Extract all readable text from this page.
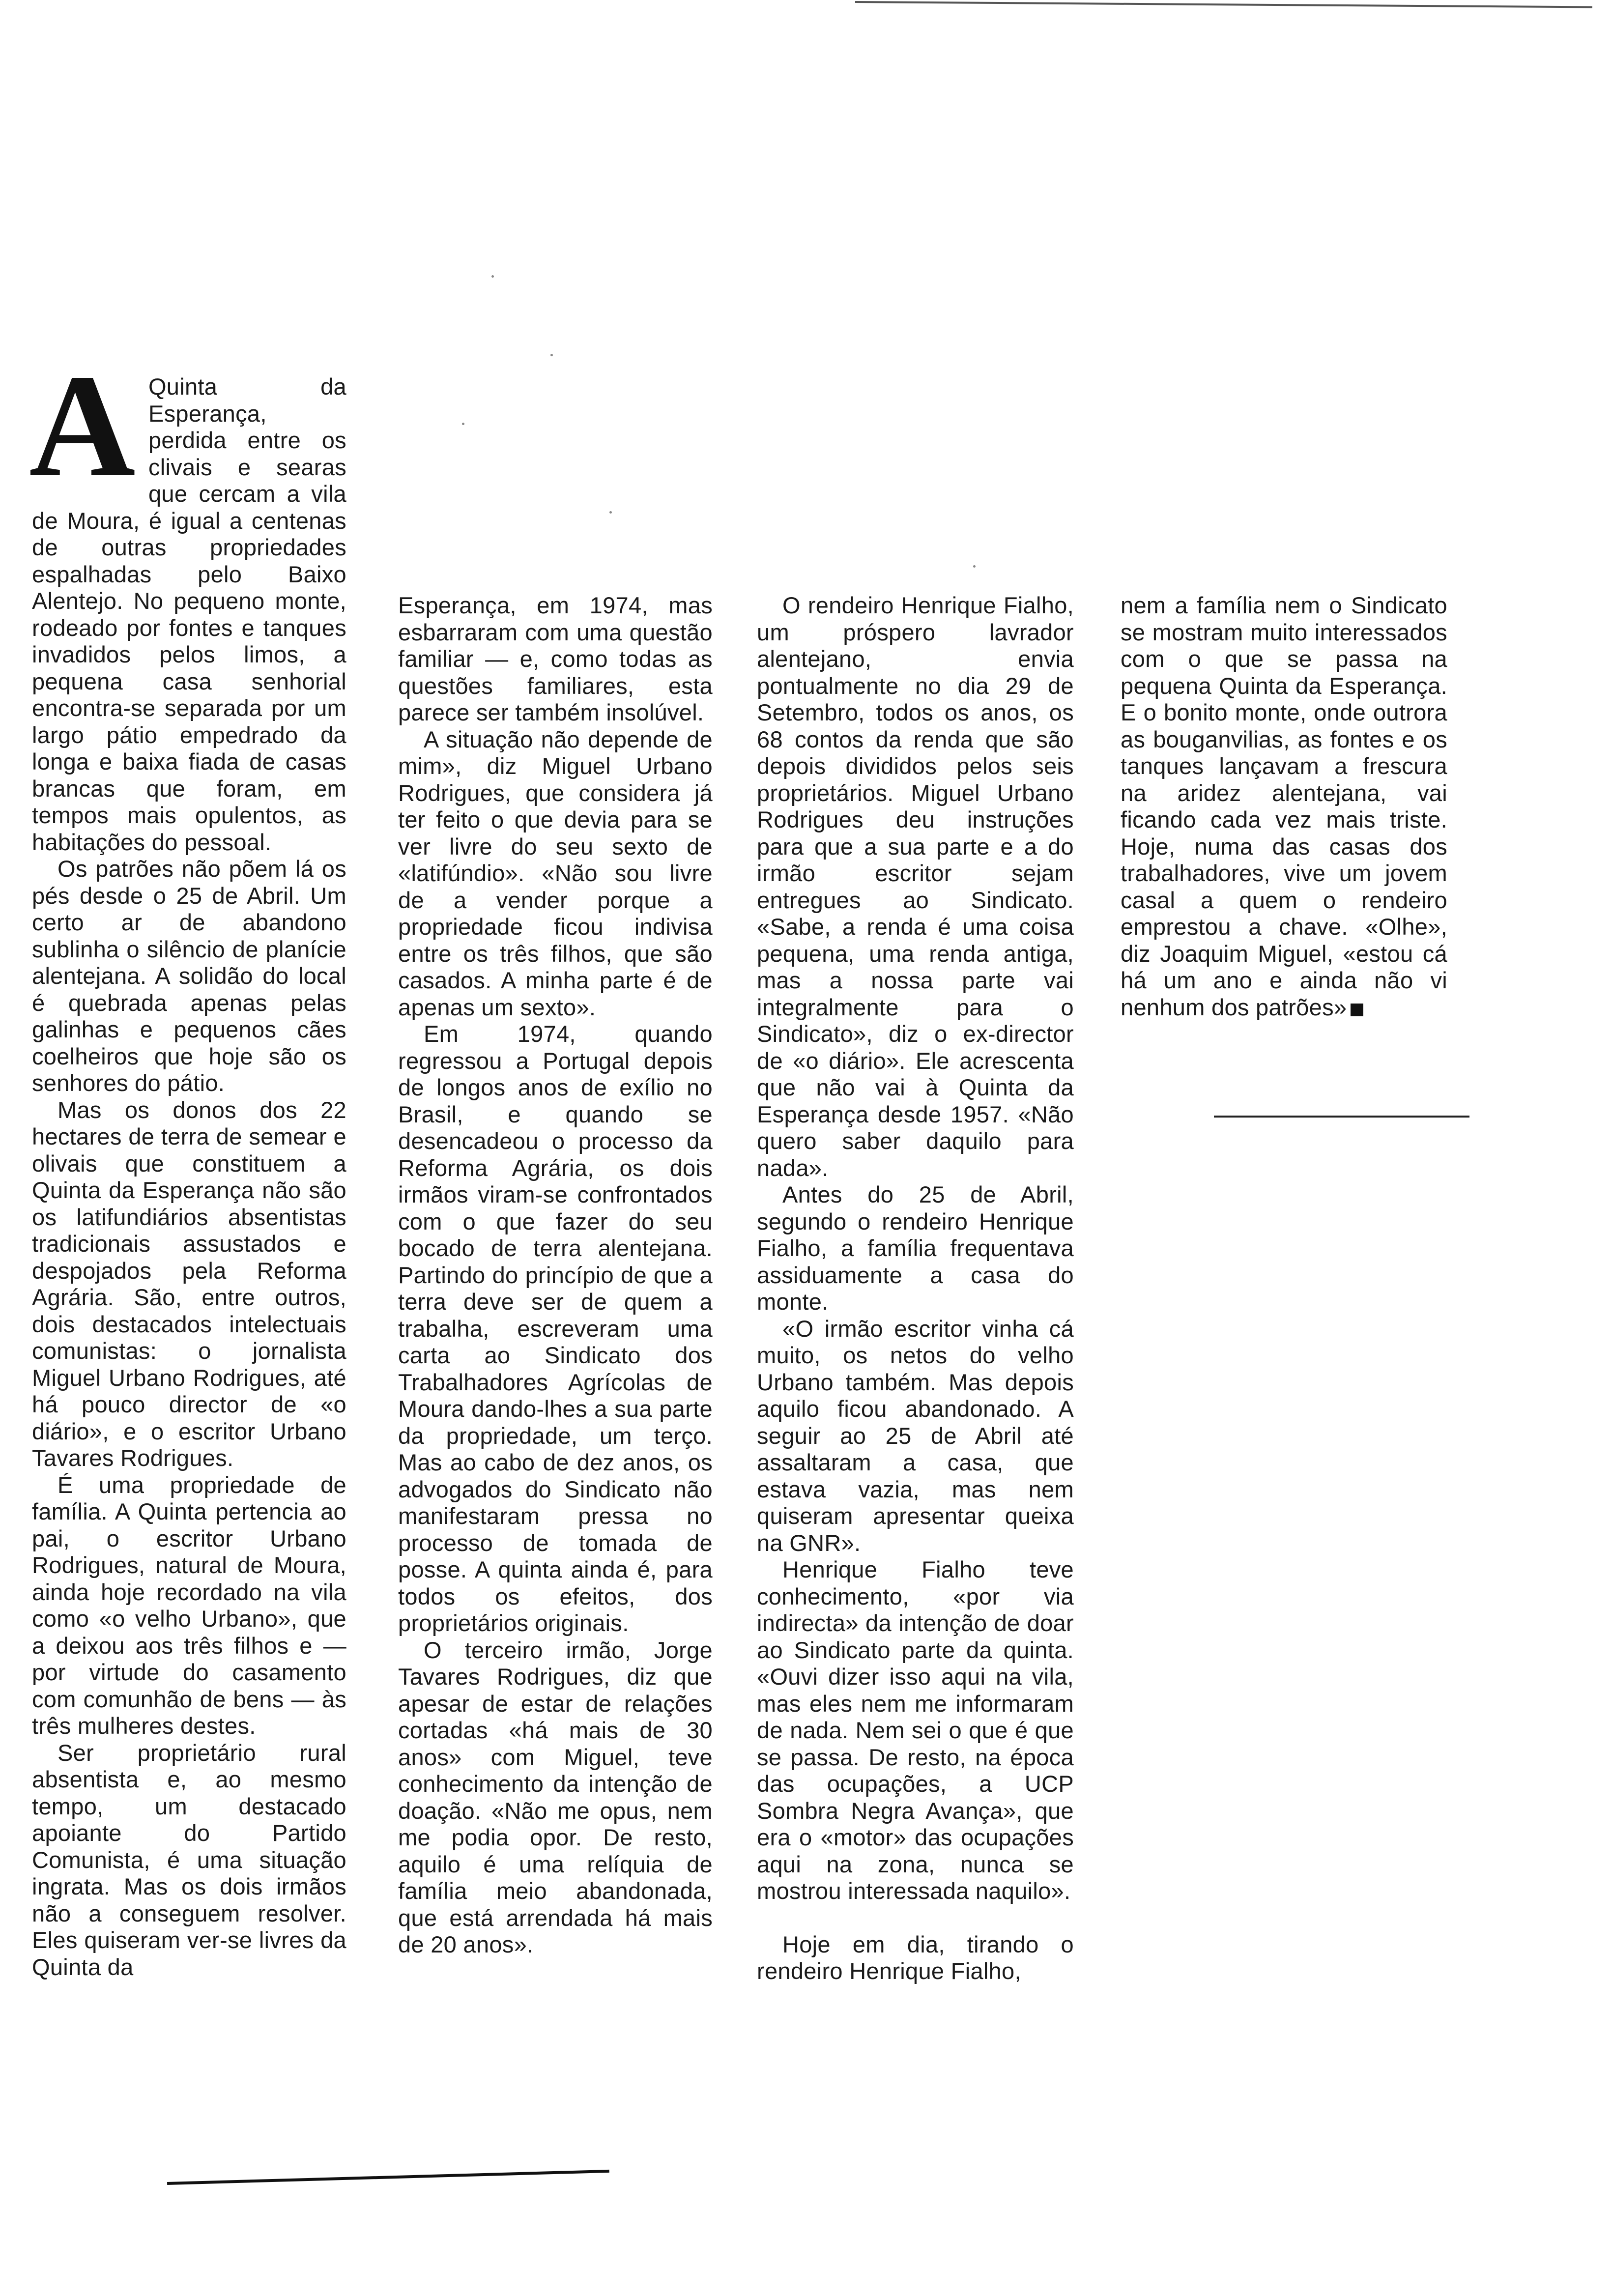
A Quinta da Esperança, perdida entre os clivais e searas que cercam a vila de Moura, é igual a centenas de outras propriedades espalhadas pelo Baixo Alentejo. No pequeno monte, rodeado por fontes e tanques invadidos pelos limos, a pequena casa senhorial encontra-se separada por um largo pátio empedrado da longa e baixa fiada de casas brancas que foram, em tempos mais opulentos, as habitações do pessoal.

Os patrões não põem lá os pés desde o 25 de Abril. Um certo ar de abandono sublinha o silêncio de planície alentejana. A solidão do local é quebrada apenas pelas galinhas e pequenos cães coelheiros que hoje são os senhores do pátio.

Mas os donos dos 22 hectares de terra de semear e olivais que constituem a Quinta da Esperança não são os latifundiários absentistas tradicionais assustados e despojados pela Reforma Agrária. São, entre outros, dois destacados intelectuais comunistas: o jornalista Miguel Urbano Rodrigues, até há pouco director de «o diário», e o escritor Urbano Tavares Rodrigues.

É uma propriedade de família. A Quinta pertencia ao pai, o escritor Urbano Rodrigues, natural de Moura, ainda hoje recordado na vila como «o velho Urbano», que a deixou aos três filhos e — por virtude do casamento com comunhão de bens — às três mulheres destes.

Ser proprietário rural absentista e, ao mesmo tempo, um destacado apoiante do Partido Comunista, é uma situação ingrata. Mas os dois irmãos não a conseguem resolver. Eles quiseram ver-se livres da Quinta da

Esperança, em 1974, mas esbarraram com uma questão familiar — e, como todas as questões familiares, esta parece ser também insolúvel.

A situação não depende de mim», diz Miguel Urbano Rodrigues, que considera já ter feito o que devia para se ver livre do seu sexto de «latifúndio». «Não sou livre de a vender porque a propriedade ficou indivisa entre os três filhos, que são casados. A minha parte é de apenas um sexto».

Em 1974, quando regressou a Portugal depois de longos anos de exílio no Brasil, e quando se desencadeou o processo da Reforma Agrária, os dois irmãos viram-se confrontados com o que fazer do seu bocado de terra alentejana. Partindo do princípio de que a terra deve ser de quem a trabalha, escreveram uma carta ao Sindicato dos Trabalhadores Agrícolas de Moura dando-lhes a sua parte da propriedade, um terço. Mas ao cabo de dez anos, os advogados do Sindicato não manifestaram pressa no processo de tomada de posse. A quinta ainda é, para todos os efeitos, dos proprietários originais.

O terceiro irmão, Jorge Tavares Rodrigues, diz que apesar de estar de relações cortadas «há mais de 30 anos» com Miguel, teve conhecimento da intenção de doação. «Não me opus, nem me podia opor. De resto, aquilo é uma relíquia de família meio abandonada, que está arrendada há mais de 20 anos».

O rendeiro Henrique Fialho, um próspero lavrador alentejano, envia pontualmente no dia 29 de Setembro, todos os anos, os 68 contos da renda que são depois divididos pelos seis proprietários. Miguel Urbano Rodrigues deu instruções para que a sua parte e a do irmão escritor sejam entregues ao Sindicato. «Sabe, a renda é uma coisa pequena, uma renda antiga, mas a nossa parte vai integralmente para o Sindicato», diz o ex-director de «o diário». Ele acrescenta que não vai à Quinta da Esperança desde 1957. «Não quero saber daquilo para nada».

Antes do 25 de Abril, segundo o rendeiro Henrique Fialho, a família frequentava assiduamente a casa do monte.

«O irmão escritor vinha cá muito, os netos do velho Urbano também. Mas depois aquilo ficou abandonado. A seguir ao 25 de Abril até assaltaram a casa, que estava vazia, mas nem quiseram apresentar queixa na GNR».

Henrique Fialho teve conhecimento, «por via indirecta» da intenção de doar ao Sindicato parte da quinta. «Ouvi dizer isso aqui na vila, mas eles nem me informaram de nada. Nem sei o que é que se passa. De resto, na época das ocupações, a UCP Sombra Negra Avança», que era o «motor» das ocupações aqui na zona, nunca se mostrou interessada naquilo».

Hoje em dia, tirando o rendeiro Henrique Fialho,

nem a família nem o Sindicato se mostram muito interessados com o que se passa na pequena Quinta da Esperança. E o bonito monte, onde outrora as bouganvilias, as fontes e os tanques lançavam a frescura na aridez alentejana, vai ficando cada vez mais triste. Hoje, numa das casas dos trabalhadores, vive um jovem casal a quem o rendeiro emprestou a chave. «Olhe», diz Joaquim Miguel, «estou cá há um ano e ainda não vi nenhum dos patrões»
